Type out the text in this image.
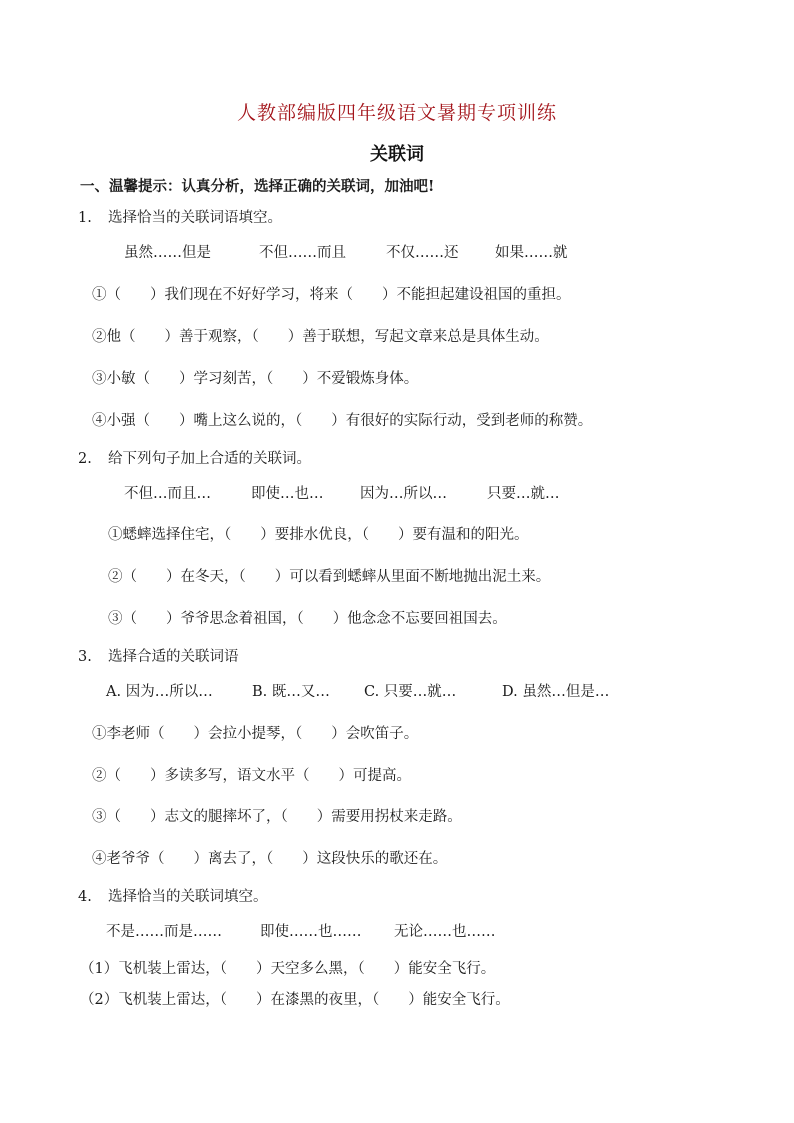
人教部编版四年级语文暑期专项训练
关联词
一、温馨提示：认真分析，选择正确的关联词，加油吧!
1. 选择恰当的关联词语填空。
虽然……但是	不但……而且	不仅……还	如果……就
①（　　）我们现在不好好学习，将来（　　）不能担起建设祖国的重担。
②他（　　）善于观察，（　　）善于联想，写起文章来总是具体生动。
③小敏（　　）学习刻苦，（　　）不爱锻炼身体。
④小强（　　）嘴上这么说的，（　　）有很好的实际行动，受到老师的称赞。
2. 给下列句子加上合适的关联词。
不但…而且…	即使…也…	因为…所以…	只要…就…
①蟋蟀选择住宅，（　　）要排水优良，（　　）要有温和的阳光。
②（　　）在冬天，（　　）可以看到蟋蟀从里面不断地抛出泥土来。
③（　　）爷爷思念着祖国，（　　）他念念不忘要回祖国去。
3. 选择合适的关联词语
A. 因为…所以…	B. 既…又… C. 只要…就…	D. 虽然…但是…
①李老师（　　）会拉小提琴，（　　）会吹笛子。
②（　　）多读多写，语文水平（　　）可提高。
③（　　）志文的腿摔坏了，（　　）需要用拐杖来走路。
④老爷爷（　　）离去了，（　　）这段快乐的歌还在。
4. 选择恰当的关联词填空。
不是……而是……	即使……也…… 无论……也……
（1）飞机装上雷达，（　　）天空多么黑，（　　）能安全飞行。
（2）飞机装上雷达，（　　）在漆黑的夜里，（　　）能安全飞行。
